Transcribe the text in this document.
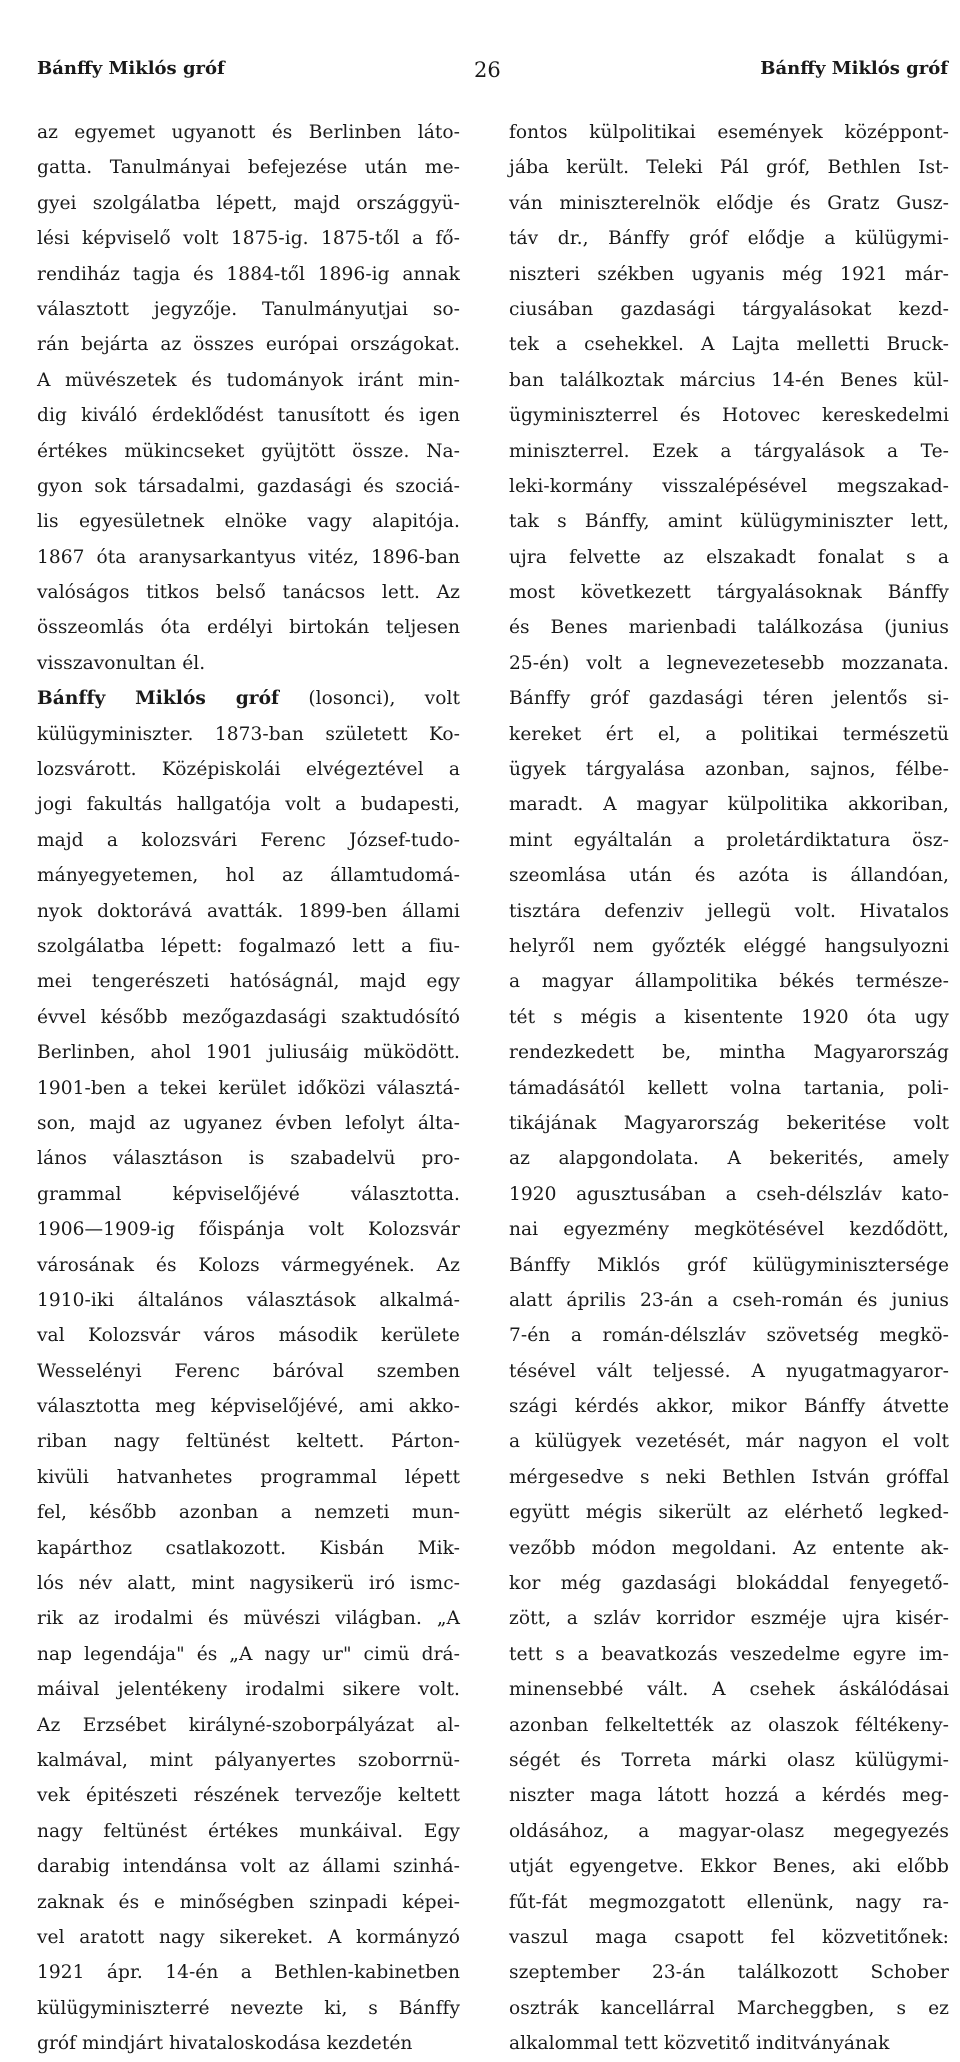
Bánffy Miklós gróf	26	Bánffy Miklós gróf
az egyemet ugyanott és Berlinben láto-
gatta. Tanulmányai befejezése után me-
gyei szolgálatba lépett, majd országgyü-
lési képviselő volt 1875-ig. 1875-től a fő-
rendiház tagja és 1884-től 1896-ig annak
választott jegyzője. Tanulmányutjai so-
rán bejárta az összes európai országokat.
A müvészetek és tudományok iránt min-
dig kiváló érdeklődést tanusított és igen
értékes mükincseket gyüjtött össze. Na-
gyon sok társadalmi, gazdasági és szociá-
lis egyesületnek elnöke vagy alapitója.
1867 óta aranysarkantyus vitéz, 1896-ban
valóságos titkos belső tanácsos lett. Az
összeomlás óta erdélyi birtokán teljesen
visszavonultan él.
Bánffy Miklós gróf (losonci), volt
külügyminiszter. 1873-ban született Ko-
lozsvárott. Középiskolái elvégeztével a
jogi fakultás hallgatója volt a budapesti,
majd a kolozsvári Ferenc József-tudo-
mányegyetemen, hol az államtudomá-
nyok doktorává avatták. 1899-ben állami
szolgálatba lépett: fogalmazó lett a fiu-
mei tengerészeti hatóságnál, majd egy
évvel később mezőgazdasági szaktudósító
Berlinben, ahol 1901 juliusáig müködött.
1901-ben a tekei kerület időközi választá-
son, majd az ugyanez évben lefolyt álta-
lános választáson is szabadelvü pro-
grammal képviselőjévé választotta.
1906—1909-ig főispánja volt Kolozsvár
városának és Kolozs vármegyének. Az
1910-iki általános választások alkalmá-
val Kolozsvár város második kerülete
Wesselényi Ferenc báróval szemben
választotta meg képviselőjévé, ami akko-
riban nagy feltünést keltett. Párton-
kivüli hatvanhetes programmal lépett
fel, később azonban a nemzeti mun-
kapárthoz csatlakozott. Kisbán Mik-
lós név alatt, mint nagysikerü iró ismc-
rik az irodalmi és müvészi világban. „A
nap legendája" és „A nagy ur" cimü drá-
máival jelentékeny irodalmi sikere volt.
Az Erzsébet királyné-szoborpályázat al-
kalmával, mint pályanyertes szoborrnü-
vek épitészeti részének tervezője keltett
nagy feltünést értékes munkáival. Egy
darabig intendánsa volt az állami szinhá-
zaknak és e minőségben szinpadi képei-
vel aratott nagy sikereket. A kormányzó
1921 ápr. 14-én a Bethlen-kabinetben
külügyminiszterré nevezte ki, s Bánffy
gróf mindjárt hivataloskodása kezdetén
fontos külpolitikai események középpont-
jába került. Teleki Pál gróf, Bethlen Ist-
ván miniszterelnök elődje és Gratz Gusz-
táv dr., Bánffy gróf elődje a külügymi-
niszteri székben ugyanis még 1921 már-
ciusában gazdasági tárgyalásokat kezd-
tek a csehekkel. A Lajta melletti Bruck-
ban találkoztak március 14-én Benes kül-
ügyminiszterrel és Hotovec kereskedelmi
miniszterrel. Ezek a tárgyalások a Te-
leki-kormány visszalépésével megszakad-
tak s Bánffy, amint külügyminiszter lett,
ujra felvette az elszakadt fonalat s a
most következett tárgyalásoknak Bánffy
és Benes marienbadi találkozása (junius
25-én) volt a legnevezetesebb mozzanata.
Bánffy gróf gazdasági téren jelentős si-
kereket ért el, a politikai természetü
ügyek tárgyalása azonban, sajnos, félbe-
maradt. A magyar külpolitika akkoriban,
mint egyáltalán a proletárdiktatura ösz-
szeomlása után és azóta is állandóan,
tisztára defenziv jellegü volt. Hivatalos
helyről nem győzték eléggé hangsulyozni
a magyar állampolitika békés természe-
tét s mégis a kisentente 1920 óta ugy
rendezkedett be, mintha Magyarország
támadásától kellett volna tartania, poli-
tikájának Magyarország bekeritése volt
az alapgondolata. A bekerités, amely
1920 agusztusában a cseh-délszláv kato-
nai egyezmény megkötésével kezdődött,
Bánffy Miklós gróf külügyminisztersége
alatt április 23-án a cseh-román és junius
7-én a román-délszláv szövetség megkö-
tésével vált teljessé. A nyugatmagyaror-
szági kérdés akkor, mikor Bánffy átvette
a külügyek vezetését, már nagyon el volt
mérgesedve s neki Bethlen István gróffal
együtt mégis sikerült az elérhető legked-
vezőbb módon megoldani. Az entente ak-
kor még gazdasági blokáddal fenyegető-
zött, a szláv korridor eszméje ujra kisér-
tett s a beavatkozás veszedelme egyre im-
minensebbé vált. A csehek áskálódásai
azonban felkeltették az olaszok féltékeny-
ségét és Torreta márki olasz külügymi-
niszter maga látott hozzá a kérdés meg-
oldásához, a magyar-olasz megegyezés
utját egyengetve. Ekkor Benes, aki előbb
fűt-fát megmozgatott ellenünk, nagy ra-
vaszul maga csapott fel közvetitőnek:
szeptember 23-án találkozott Schober
osztrák kancellárral Marcheggben, s ez
alkalommal tett közvetitő inditványának
